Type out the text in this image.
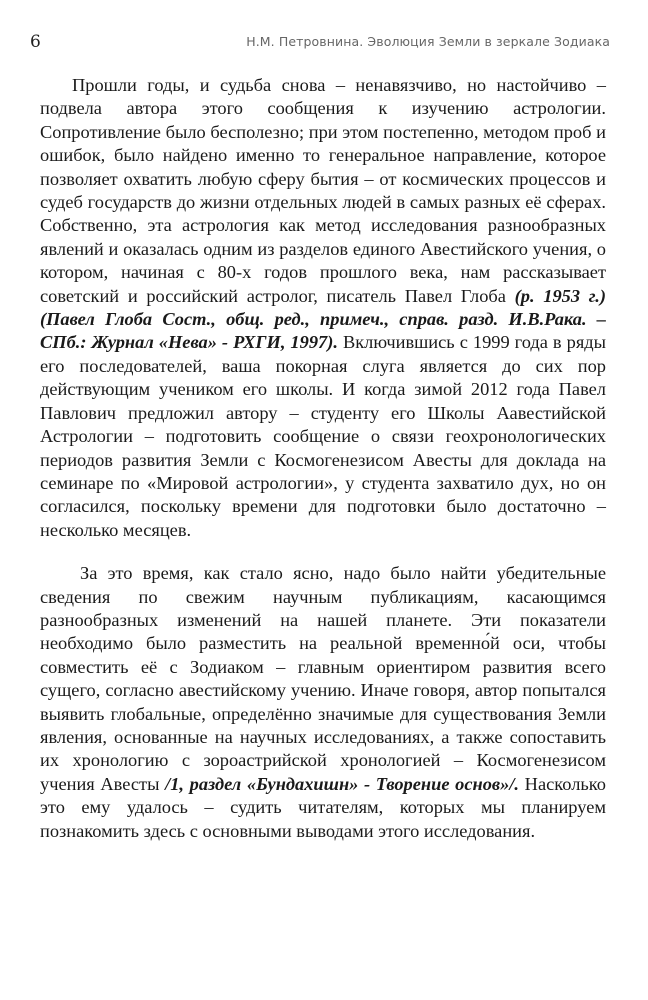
6	Н.М. Петровнина. Эволюция Земли в зеркале Зодиака

Прошли годы, и судьба снова – ненавязчиво, но настойчиво – подвела автора этого сообщения к изучению астрологии. Сопротивление было бесполезно; при этом постепенно, методом проб и ошибок, было найдено именно то генеральное направление, которое позволяет охватить любую сферу бытия – от космических процессов и судеб государств до жизни отдельных людей в самых разных её сферах. Собственно, эта астрология как метод исследования разнообразных явлений и оказалась одним из разделов единого Авестийского учения, о котором, начиная с 80-х годов прошлого века, нам рассказывает советский и российский астролог, писатель Павел Глоба (р. 1953 г.) (Павел Глоба Сост., общ. ред., примеч., справ. разд. И.В.Рака. – СПб.: Журнал «Нева» - РХГИ, 1997). Включившись с 1999 года в ряды его последователей, ваша покорная слуга является до сих пор действующим учеником его школы. И когда зимой 2012 года Павел Павлович предложил автору – студенту его Школы Аавестийской Астрологии – подготовить сообщение о связи геохронологических периодов развития Земли с Космогенезисом Авесты для доклада на семинаре по «Мировой астрологии», у студента захватило дух, но он согласился, поскольку времени для подготовки было достаточно – несколько месяцев.

За это время, как стало ясно, надо было найти убедительные сведения по свежим научным публикациям, касающимся разнообразных изменений на нашей планете. Эти показатели необходимо было разместить на реальной временно́й оси, чтобы совместить её с Зодиаком – главным ориентиром развития всего сущего, согласно авестийскому учению. Иначе говоря, автор попытался выявить глобальные, определённо значимые для существования Земли явления, основанные на научных исследованиях, а также сопоставить их хронологию с зороастрийской хронологией – Космогенезисом учения Авесты /1, раздел «Бундахишн» - Творение основ»/. Насколько это ему удалось – судить читателям, которых мы планируем познакомить здесь с основными выводами этого исследования.
